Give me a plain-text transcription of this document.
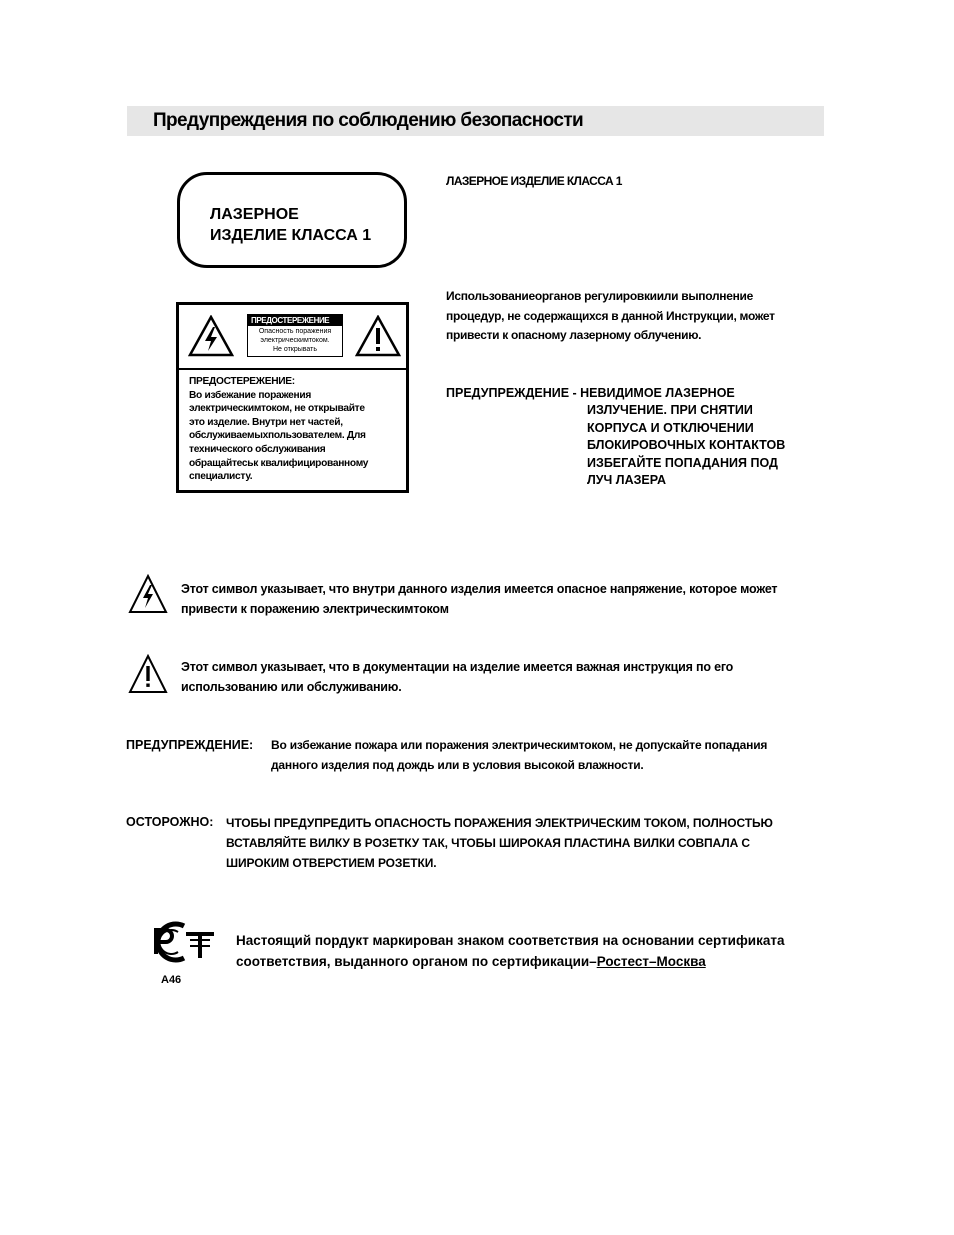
Предупреждения по соблюдению безопасности
ЛАЗЕРНОЕ
ИЗДЕЛИЕ КЛАССА 1
ЛАЗЕРНОЕ ИЗДЕЛИЕ КЛАССА 1
ПРЕДОСТЕРЕЖЕНИЕ
Опасность поражения
электрическимтоком.
Не открывать
ПРЕДОСТЕРЕЖЕНИЕ:
Во избежание поражения
электрическимтоком, не открывайте
это изделие. Внутри нет частей,
обслуживаемыхпользователем. Для
технического обслуживания
обращайтеськ квалифицированному
специалисту.
Использованиеорганов регулировкиили выполнение
процедур, не содержащихся в данной Инструкции, может
привести к опасному лазерному облучению.
ПРЕДУПРЕЖДЕНИЕ - НЕВИДИМОЕ ЛАЗЕРНОЕ
ИЗЛУЧЕНИЕ. ПРИ СНЯТИИ
КОРПУСА И ОТКЛЮЧЕНИИ
БЛОКИРОВОЧНЫХ КОНТАКТОВ
ИЗБЕГАЙТЕ ПОПАДАНИЯ ПОД
ЛУЧ ЛАЗЕРА
Этот символ указывает, что внутри данного изделия имеется опасное напряжение, которое может
привести к поражению электрическимтоком
Этот символ указывает, что в документации на изделие имеется важная инструкция по его
использованию или обслуживанию.
ПРЕДУПРЕЖДЕНИЕ: Во избежание пожара или поражения электрическимтоком, не допускайте попадания
данного изделия под дождь или в условия высокой влажности.
ОСТОРОЖНО: ЧТОБЫ ПРЕДУПРЕДИТЬ ОПАСНОСТЬ ПОРАЖЕНИЯ ЭЛЕКТРИЧЕСКИМ ТОКОМ, ПОЛНОСТЬЮ
ВСТАВЛЯЙТЕ ВИЛКУ В РОЗЕТКУ ТАК, ЧТОБЫ ШИРОКАЯ ПЛАСТИНА ВИЛКИ СОВПАЛА С
ШИРОКИМ ОТВЕРСТИЕМ РОЗЕТКИ.
А46
Настоящий пордукт маркирован знаком соответствия на основании сертификата
соответствия, выданного органом по сертификации–Ростест–Москва
